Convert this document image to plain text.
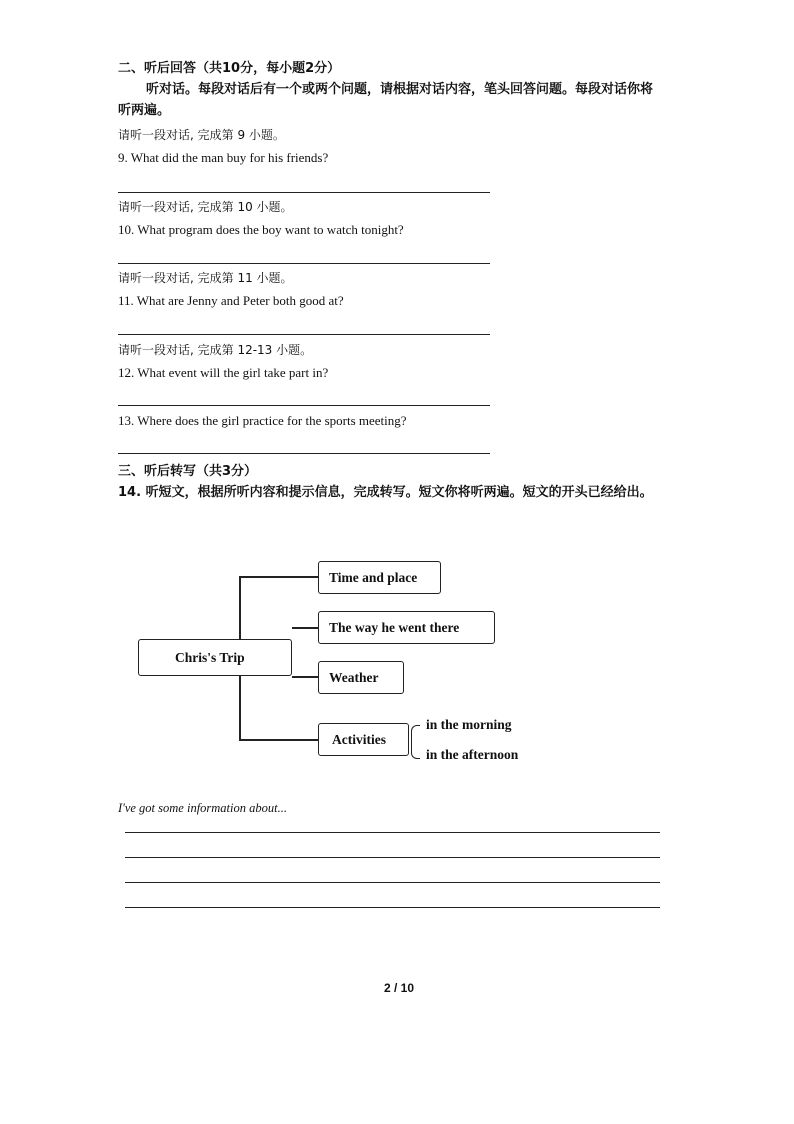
二、听后回答（共10分，每小题2分）
听对话。每段对话后有一个或两个问题，请根据对话内容，笔头回答问题。每段对话你将听两遍。
请听一段对话, 完成第 9 小题。
9. What did the man buy for his friends?
请听一段对话, 完成第 10 小题。
10. What program does the boy want to watch tonight?
请听一段对话, 完成第 11 小题。
11. What are Jenny and Peter both good at?
请听一段对话, 完成第 12-13 小题。
12. What event will the girl take part in?
13. Where does the girl practice for the sports meeting?
三、听后转写（共3分）
14. 听短文，根据所听内容和提示信息，完成转写。短文你将听两遍。短文的开头已经给出。
Chris's Trip
Time and place
The way he went there
Weather
Activities
in the morning
in the afternoon
I've got some information about...
2 / 10
